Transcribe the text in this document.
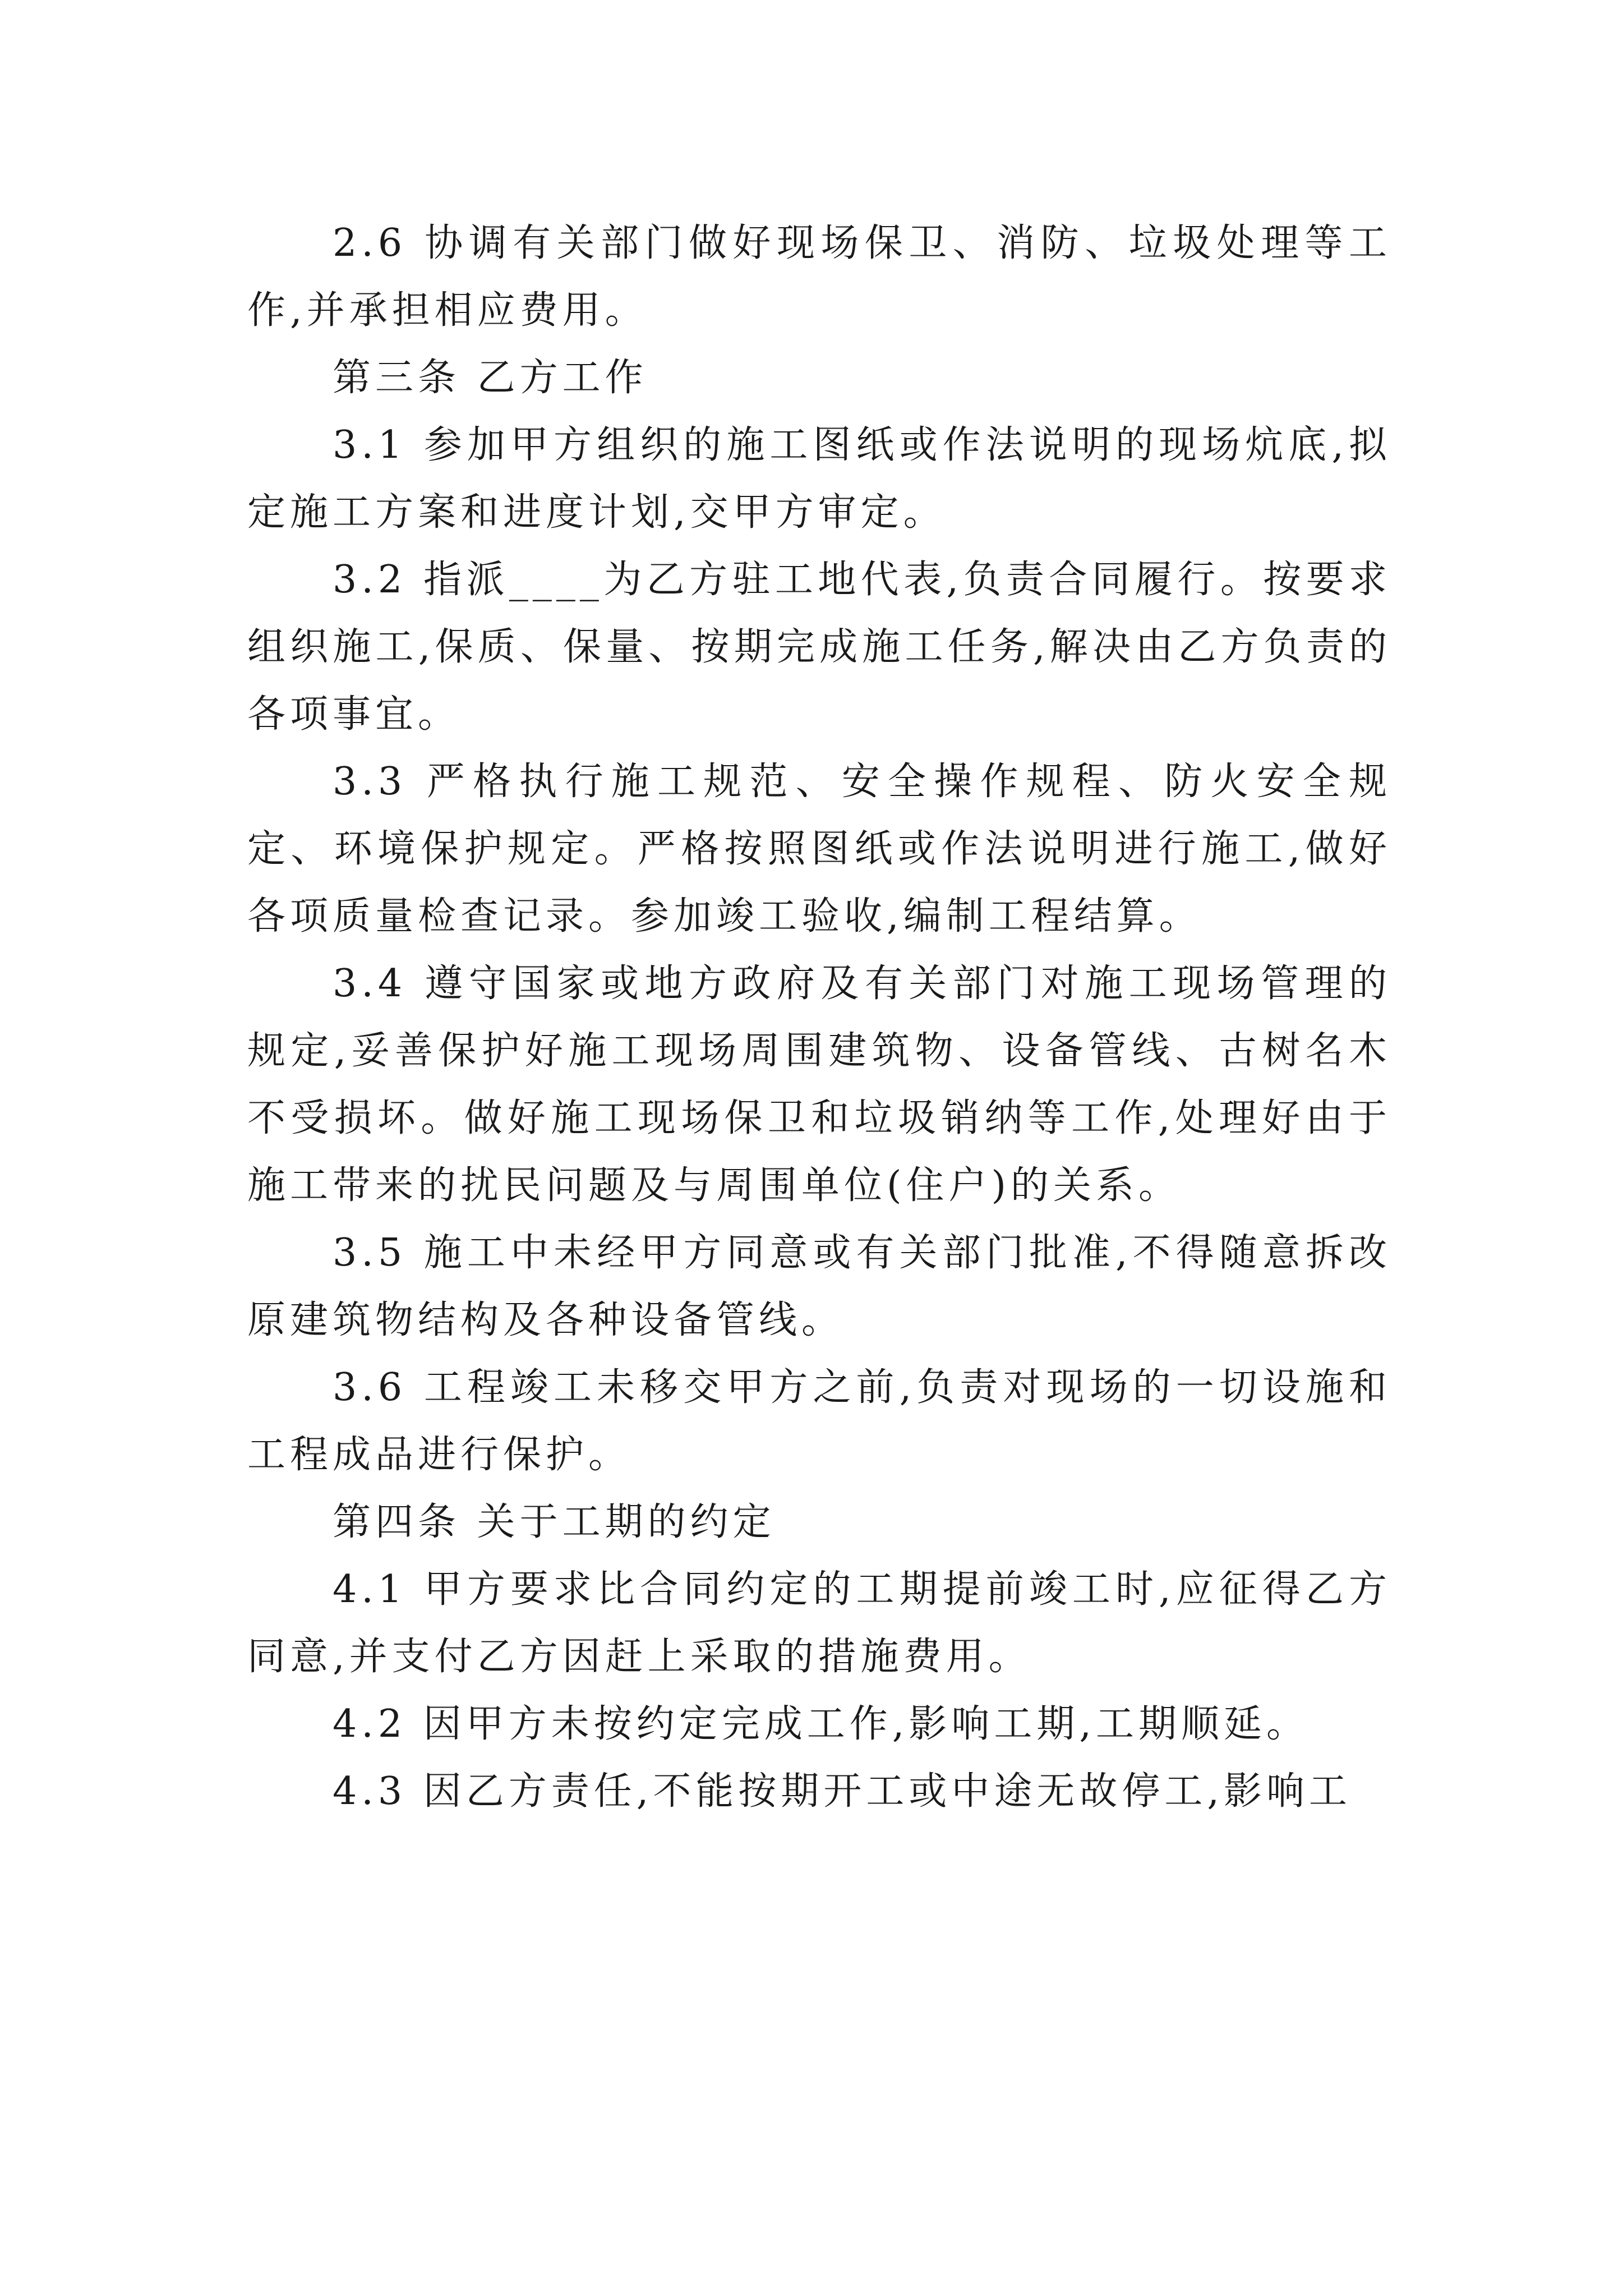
2.6 协调有关部门做好现场保卫、消防、垃圾处理等工作,并承担相应费用。

第三条 乙方工作

3.1 参加甲方组织的施工图纸或作法说明的现场炕底,拟定施工方案和进度计划,交甲方审定。

3.2 指派____为乙方驻工地代表,负责合同履行。按要求组织施工,保质、保量、按期完成施工任务,解决由乙方负责的各项事宜。

3.3 严格执行施工规范、安全操作规程、防火安全规定、环境保护规定。严格按照图纸或作法说明进行施工,做好各项质量检查记录。参加竣工验收,编制工程结算。

3.4 遵守国家或地方政府及有关部门对施工现场管理的规定,妥善保护好施工现场周围建筑物、设备管线、古树名木不受损坏。做好施工现场保卫和垃圾销纳等工作,处理好由于施工带来的扰民问题及与周围单位(住户)的关系。

3.5 施工中未经甲方同意或有关部门批准,不得随意拆改原建筑物结构及各种设备管线。

3.6 工程竣工未移交甲方之前,负责对现场的一切设施和工程成品进行保护。

第四条 关于工期的约定

4.1 甲方要求比合同约定的工期提前竣工时,应征得乙方同意,并支付乙方因赶上采取的措施费用。

4.2 因甲方未按约定完成工作,影响工期,工期顺延。

4.3 因乙方责任,不能按期开工或中途无故停工,影响工
